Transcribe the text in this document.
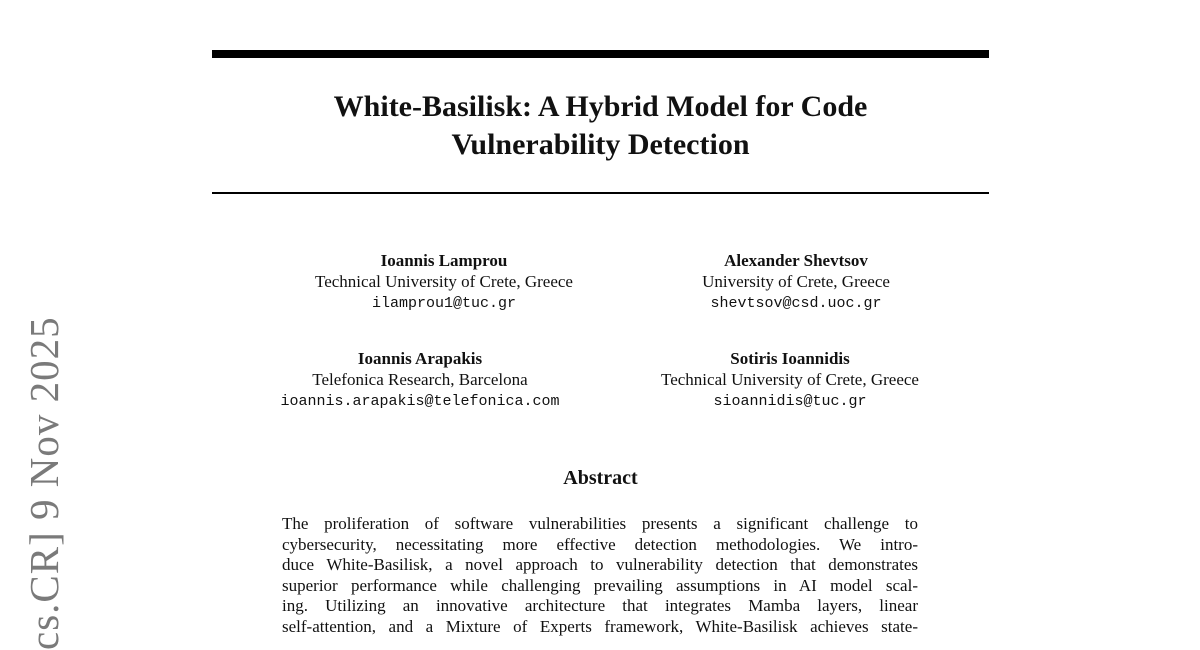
White-Basilisk: A Hybrid Model for Code
Vulnerability Detection
Ioannis Lamprou
Technical University of Crete, Greece
ilamprou1@tuc.gr
Alexander Shevtsov
University of Crete, Greece
shevtsov@csd.uoc.gr
Ioannis Arapakis
Telefonica Research, Barcelona
ioannis.arapakis@telefonica.com
Sotiris Ioannidis
Technical University of Crete, Greece
sioannidis@tuc.gr
Abstract
The proliferation of software vulnerabilities presents a significant challenge to
cybersecurity, necessitating more effective detection methodologies. We intro-
duce White-Basilisk, a novel approach to vulnerability detection that demonstrates
superior performance while challenging prevailing assumptions in AI model scal-
ing. Utilizing an innovative architecture that integrates Mamba layers, linear
self-attention, and a Mixture of Experts framework, White-Basilisk achieves state-
cs.CR] 9 Nov 2025
